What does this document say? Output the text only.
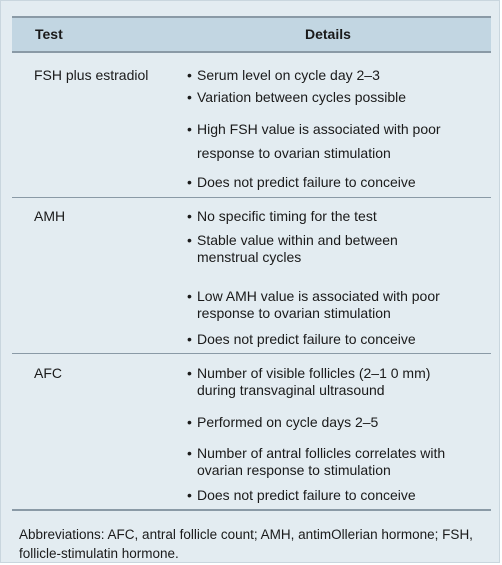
Test	Details
FSH plus estradiol	• Serum level on cycle day 2–3
• Variation between cycles possible
• High FSH value is associated with poor
response to ovarian stimulation
• Does not predict failure to conceive
AMH	• No specific timing for the test
• Stable value within and between
menstrual cycles
• Low AMH value is associated with poor
response to ovarian stimulation
• Does not predict failure to conceive
AFC	• Number of visible follicles (2–1 0 mm)
during transvaginal ultrasound
• Performed on cycle days 2–5
• Number of antral follicles correlates with
ovarian response to stimulation
• Does not predict failure to conceive
Abbreviations: AFC, antral follicle count; AMH, antimOllerian hormone; FSH,
follicle-stimulatin hormone.
